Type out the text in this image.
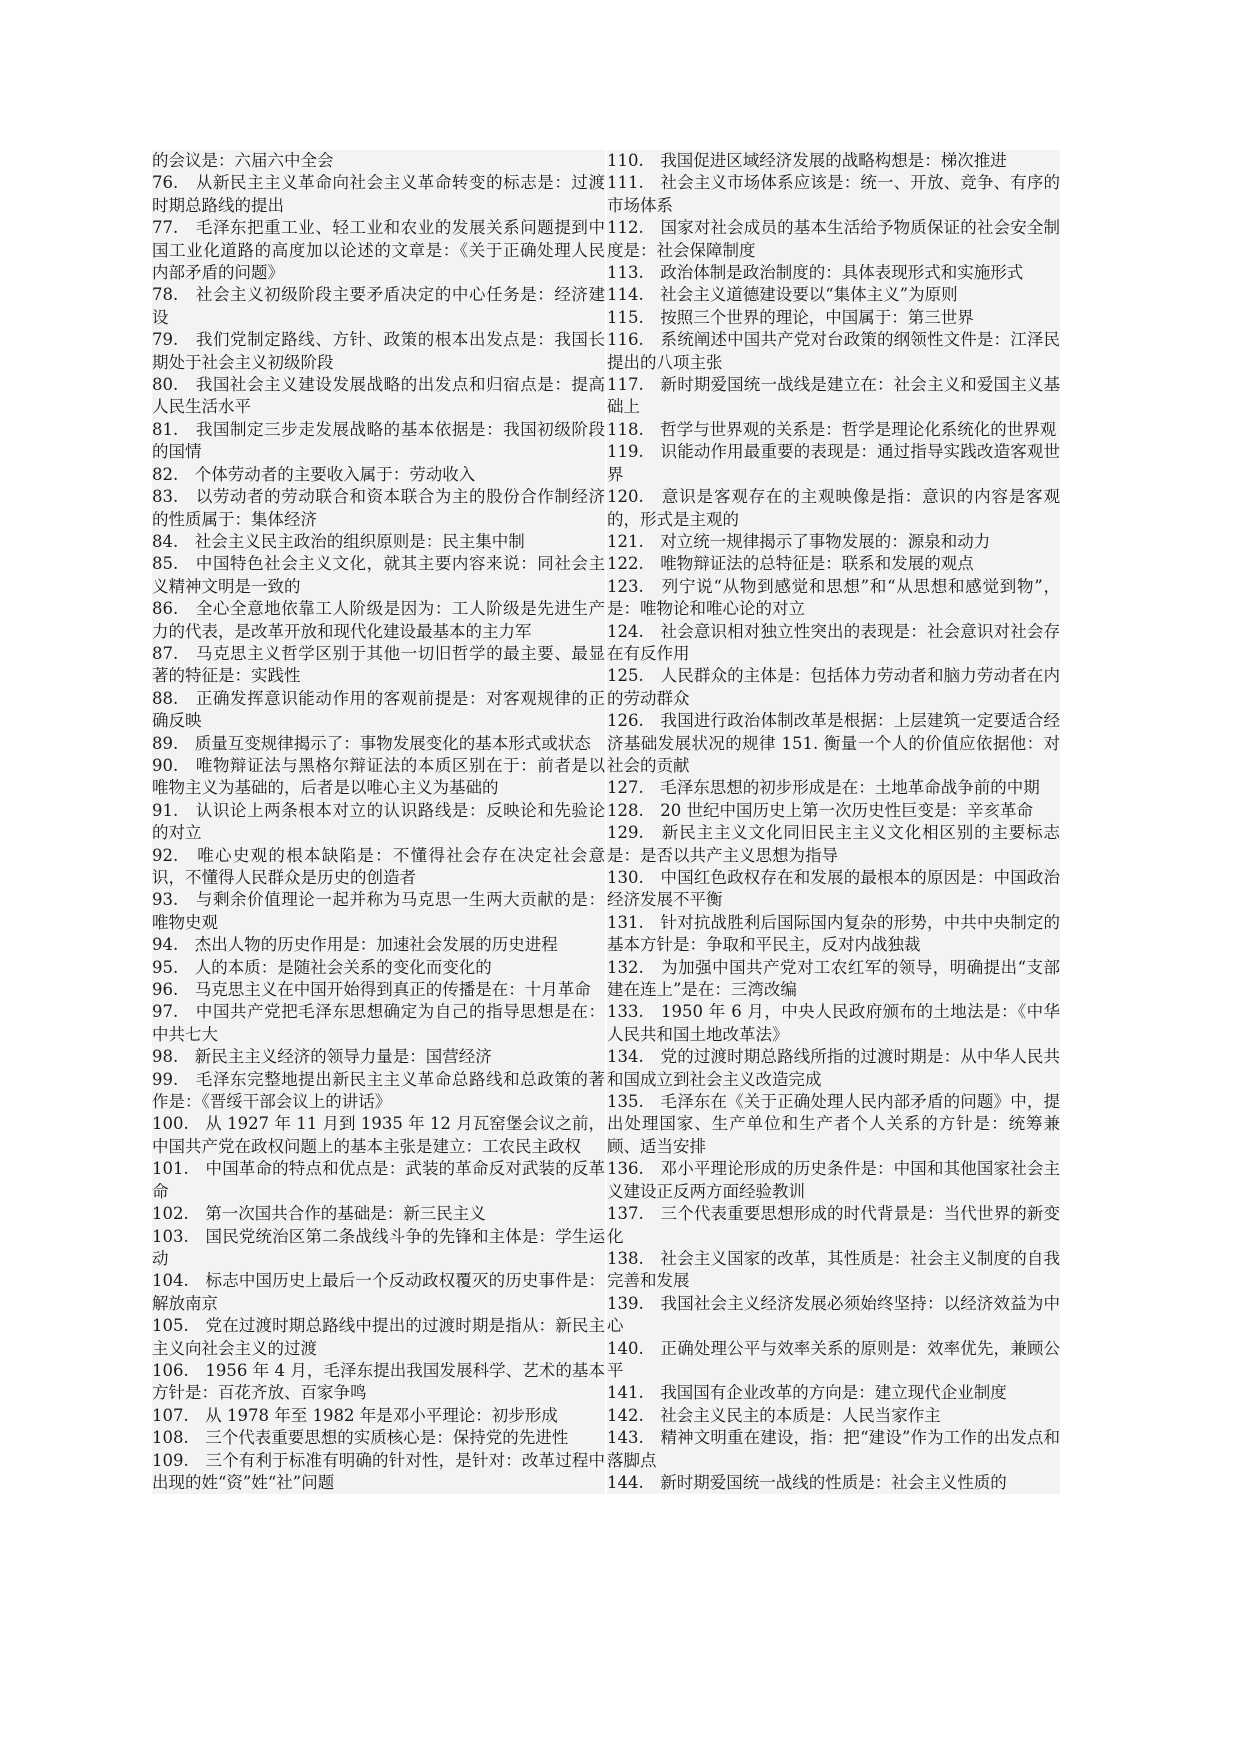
的会议是：六届六中全会

76.　从新民主主义革命向社会主义革命转变的标志是：过渡时期总路线的提出

77.　毛泽东把重工业、轻工业和农业的发展关系问题提到中国工业化道路的高度加以论述的文章是：《关于正确处理人民内部矛盾的问题》

78.　社会主义初级阶段主要矛盾决定的中心任务是：经济建设

79.　我们党制定路线、方针、政策的根本出发点是：我国长期处于社会主义初级阶段

80.　我国社会主义建设发展战略的出发点和归宿点是：提高人民生活水平

81.　我国制定三步走发展战略的基本依据是：我国初级阶段的国情

82.　个体劳动者的主要收入属于：劳动收入

83.　以劳动者的劳动联合和资本联合为主的股份合作制经济的性质属于：集体经济

84.　社会主义民主政治的组织原则是：民主集中制

85.　中国特色社会主义文化，就其主要内容来说：同社会主义精神文明是一致的

86.　全心全意地依靠工人阶级是因为：工人阶级是先进生产力的代表，是改革开放和现代化建设最基本的主力军

87.　马克思主义哲学区别于其他一切旧哲学的最主要、最显著的特征是：实践性

88.　正确发挥意识能动作用的客观前提是：对客观规律的正确反映

89.　质量互变规律揭示了：事物发展变化的基本形式或状态

90.　唯物辩证法与黑格尔辩证法的本质区别在于：前者是以唯物主义为基础的，后者是以唯心主义为基础的

91.　认识论上两条根本对立的认识路线是：反映论和先验论的对立

92.　唯心史观的根本缺陷是：不懂得社会存在决定社会意识，不懂得人民群众是历史的创造者

93.　与剩余价值理论一起并称为马克思一生两大贡献的是：唯物史观

94.　杰出人物的历史作用是：加速社会发展的历史进程

95.　人的本质：是随社会关系的变化而变化的

96.　马克思主义在中国开始得到真正的传播是在：十月革命

97.　中国共产党把毛泽东思想确定为自己的指导思想是在：中共七大

98.　新民主主义经济的领导力量是：国营经济

99.　毛泽东完整地提出新民主主义革命总路线和总政策的著作是：《晋绥干部会议上的讲话》

100.　从 1927 年 11 月到 1935 年 12 月瓦窑堡会议之前，中国共产党在政权问题上的基本主张是建立：工农民主政权

101.　中国革命的特点和优点是：武装的革命反对武装的反革命

102.　第一次国共合作的基础是：新三民主义

103.　国民党统治区第二条战线斗争的先锋和主体是：学生运动

104.　标志中国历史上最后一个反动政权覆灭的历史事件是：解放南京

105.　党在过渡时期总路线中提出的过渡时期是指从：新民主主义向社会主义的过渡

106.　1956 年 4 月，毛泽东提出我国发展科学、艺术的基本方针是：百花齐放、百家争鸣

107.　从 1978 年至 1982 年是邓小平理论：初步形成

108.　三个代表重要思想的实质核心是：保持党的先进性

109.　三个有利于标准有明确的针对性，是针对：改革过程中出现的姓“资”姓“社”问题

110.　我国促进区域经济发展的战略构想是：梯次推进

111.　社会主义市场体系应该是：统一、开放、竞争、有序的市场体系

112.　国家对社会成员的基本生活给予物质保证的社会安全制度是：社会保障制度

113.　政治体制是政治制度的：具体表现形式和实施形式

114.　社会主义道德建设要以“集体主义”为原则

115.　按照三个世界的理论，中国属于：第三世界

116.　系统阐述中国共产党对台政策的纲领性文件是：江泽民提出的八项主张

117.　新时期爱国统一战线是建立在：社会主义和爱国主义基础上

118.　哲学与世界观的关系是：哲学是理论化系统化的世界观

119.　识能动作用最重要的表现是：通过指导实践改造客观世界

120.　意识是客观存在的主观映像是指：意识的内容是客观的，形式是主观的

121.　对立统一规律揭示了事物发展的：源泉和动力

122.　唯物辩证法的总特征是：联系和发展的观点

123.　列宁说“从物到感觉和思想”和“从思想和感觉到物”，是：唯物论和唯心论的对立

124.　社会意识相对独立性突出的表现是：社会意识对社会存在有反作用

125.　人民群众的主体是：包括体力劳动者和脑力劳动者在内的劳动群众

126.　我国进行政治体制改革是根据：上层建筑一定要适合经济基础发展状况的规律 151. 衡量一个人的价值应依据他：对社会的贡献

127.　毛泽东思想的初步形成是在：土地革命战争前的中期

128.　20 世纪中国历史上第一次历史性巨变是：辛亥革命

129.　新民主主义文化同旧民主主义文化相区别的主要标志是：是否以共产主义思想为指导

130.　中国红色政权存在和发展的最根本的原因是：中国政治经济发展不平衡

131.　针对抗战胜利后国际国内复杂的形势，中共中央制定的基本方针是：争取和平民主，反对内战独裁

132.　为加强中国共产党对工农红军的领导，明确提出“支部建在连上”是在：三湾改编

133.　1950 年 6 月，中央人民政府颁布的土地法是：《中华人民共和国土地改革法》

134.　党的过渡时期总路线所指的过渡时期是：从中华人民共和国成立到社会主义改造完成

135.　毛泽东在《关于正确处理人民内部矛盾的问题》中，提出处理国家、生产单位和生产者个人关系的方针是：统筹兼顾、适当安排

136.　邓小平理论形成的历史条件是：中国和其他国家社会主义建设正反两方面经验教训

137.　三个代表重要思想形成的时代背景是：当代世界的新变化

138.　社会主义国家的改革，其性质是：社会主义制度的自我完善和发展

139.　我国社会主义经济发展必须始终坚持：以经济效益为中心

140.　正确处理公平与效率关系的原则是：效率优先，兼顾公平

141.　我国国有企业改革的方向是：建立现代企业制度

142.　社会主义民主的本质是：人民当家作主

143.　精神文明重在建设，指：把“建设”作为工作的出发点和落脚点

144.　新时期爱国统一战线的性质是：社会主义性质的
